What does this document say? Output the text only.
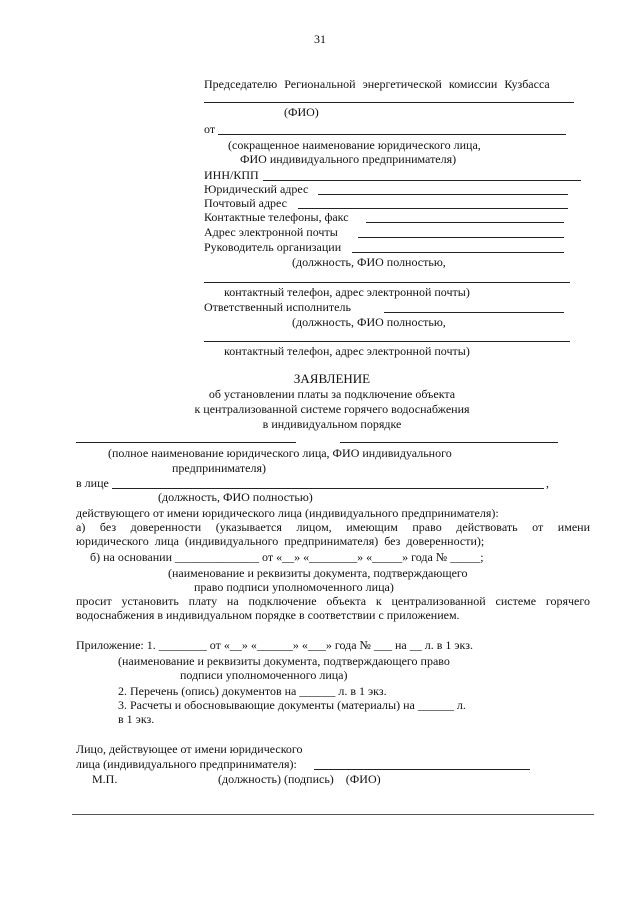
31
Председателю Региональной энергетической комиссии Кузбасса
(ФИО)
от
(сокращенное наименование юридического лица,
ФИО индивидуального предпринимателя)
ИНН/КПП
Юридический адрес
Почтовый адрес
Контактные телефоны, факс
Адрес электронной почты
Руководитель организации
(должность, ФИО полностью,
контактный телефон, адрес электронной почты)
Ответственный исполнитель
(должность, ФИО полностью,
контактный телефон, адрес электронной почты)
ЗАЯВЛЕНИЕ
об установлении платы за подключение объекта
к централизованной системе горячего водоснабжения
в индивидуальном порядке
(полное наименование юридического лица, ФИО индивидуального
предпринимателя)
в лице	,
(должность, ФИО полностью)
действующего от имени юридического лица (индивидуального предпринимателя):
а) без доверенности (указывается лицом, имеющим право действовать от имени
юридического лица (индивидуального предпринимателя) без доверенности);
б) на основании ______________ от «__» «________» «_____» года № _____;
(наименование и реквизиты документа, подтверждающего
право подписи уполномоченного лица)
просит установить плату на подключение объекта к централизованной системе горячего
водоснабжения в индивидуальном порядке в соответствии с приложением.
Приложение: 1. ________ от «__» «______» «___» года № ___ на __ л. в 1 экз.
(наименование и реквизиты документа, подтверждающего право
подписи уполномоченного лица)
2. Перечень (опись) документов на ______ л. в 1 экз.
3. Расчеты и обосновывающие документы (материалы) на ______ л.
в 1 экз.
Лицо, действующее от имени юридического
лица (индивидуального предпринимателя):
М.П.	(должность) (подпись)    (ФИО)
